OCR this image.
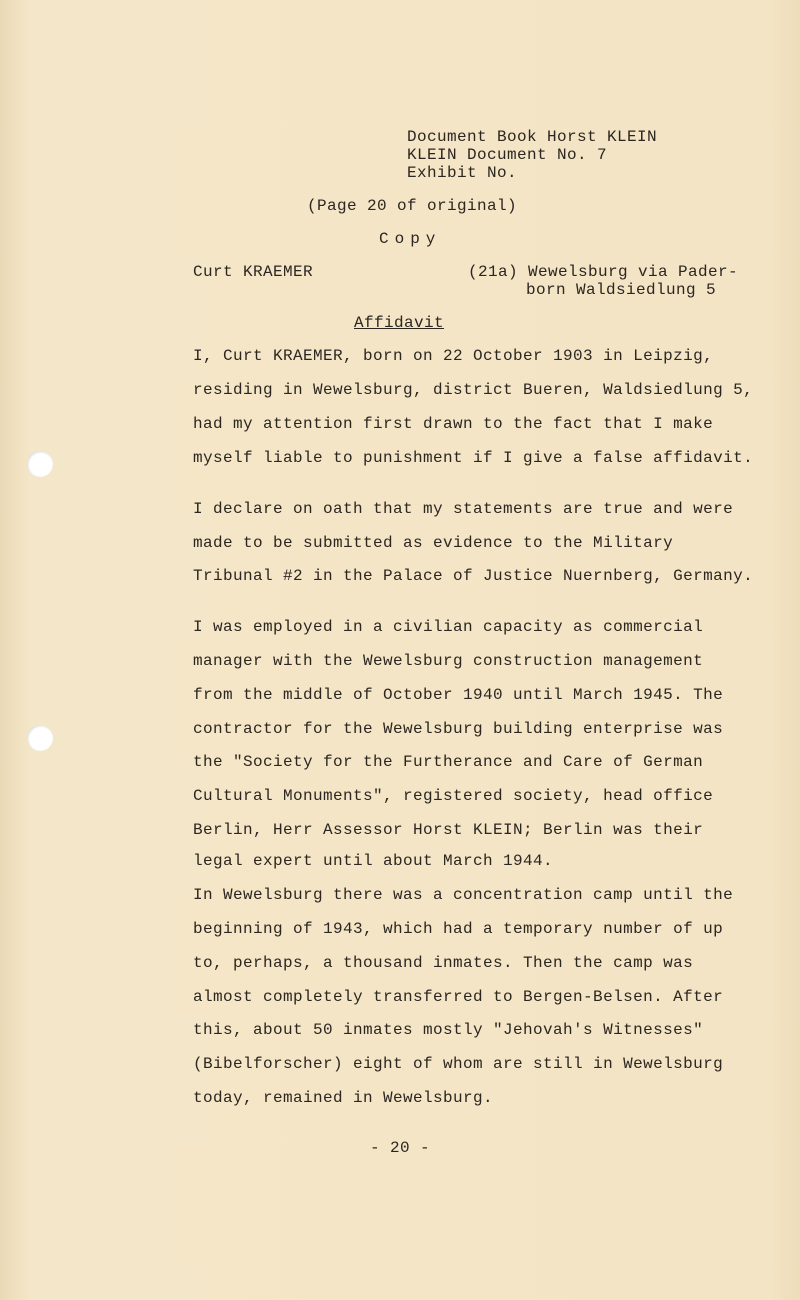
Document Book Horst KLEIN
KLEIN Document No. 7
Exhibit No.
(Page 20 of original)
Copy
Curt KRAEMER	(21a) Wewelsburg via Pader-
born Waldsiedlung 5
Affidavit
I, Curt KRAEMER, born on 22 October 1903 in Leipzig,
residing in Wewelsburg, district Bueren, Waldsiedlung 5,
had my attention first drawn to the fact that I make
myself liable to punishment if I give a false affidavit.
I declare on oath that my statements are true and were
made to be submitted as evidence to the Military
Tribunal #2 in the Palace of Justice Nuernberg, Germany.
I was employed in a civilian capacity as commercial
manager with the Wewelsburg construction management
from the middle of October 1940 until March 1945. The
contractor for the Wewelsburg building enterprise was
the "Society for the Furtherance and Care of German
Cultural Monuments", registered society, head office
Berlin, Herr Assessor Horst KLEIN; Berlin was their
legal expert until about March 1944.
In Wewelsburg there was a concentration camp until the
beginning of 1943, which had a temporary number of up
to, perhaps, a thousand inmates. Then the camp was
almost completely transferred to Bergen-Belsen. After
this, about 50 inmates mostly "Jehovah's Witnesses"
(Bibelforscher) eight of whom are still in Wewelsburg
today, remained in Wewelsburg.
- 20 -
